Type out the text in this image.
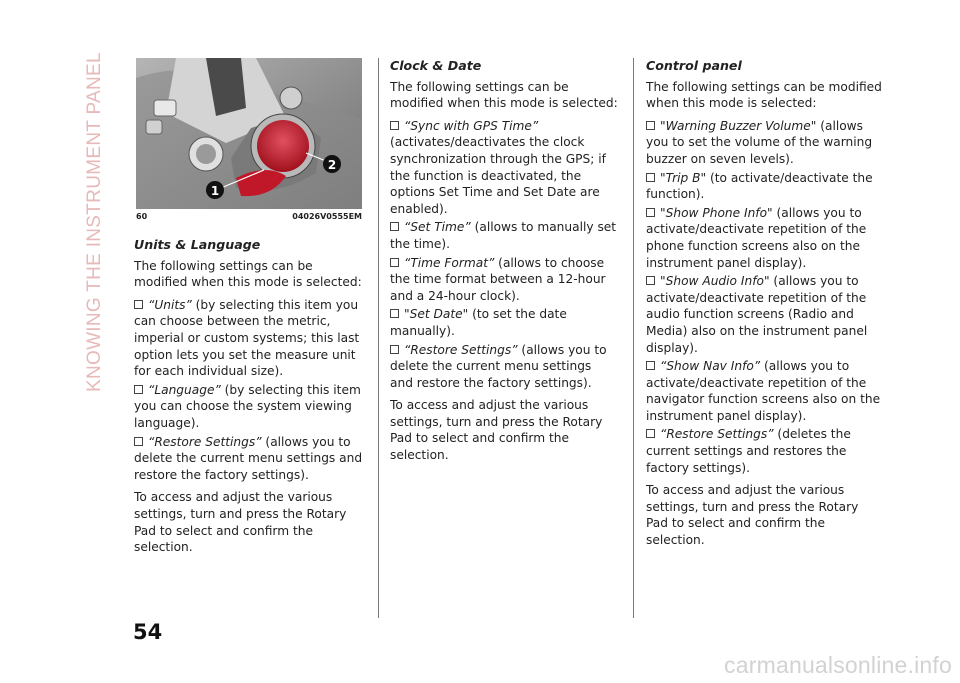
KNOWING THE INSTRUMENT PANEL	1
2
60	04026V0555EM
Units & Language

The following settings can be modified when this mode is selected:

“Units” (by selecting this item you can choose between the metric, imperial or custom systems; this last option lets you set the measure unit for each individual size).
“Language” (by selecting this item you can choose the system viewing language).
“Restore Settings” (allows you to delete the current menu settings and restore the factory settings).

To access and adjust the various settings, turn and press the Rotary Pad to select and confirm the selection.

Clock & Date

The following settings can be modified when this mode is selected:

“Sync with GPS Time” (activates/deactivates the clock synchronization through the GPS; if the function is deactivated, the options Set Time and Set Date are enabled).
“Set Time” (allows to manually set the time).
“Time Format” (allows to choose the time format between a 12-hour and a 24-hour clock).
"Set Date" (to set the date manually).
“Restore Settings” (allows you to delete the current menu settings and restore the factory settings).

To access and adjust the various settings, turn and press the Rotary Pad to select and confirm the selection.

Control panel

The following settings can be modified when this mode is selected:

"Warning Buzzer Volume" (allows you to set the volume of the warning buzzer on seven levels).
"Trip B" (to activate/deactivate the function).
"Show Phone Info" (allows you to activate/deactivate repetition of the phone function screens also on the instrument panel display).
"Show Audio Info" (allows you to activate/deactivate repetition of the audio function screens (Radio and Media) also on the instrument panel display).
“Show Nav Info” (allows you to activate/deactivate repetition of the navigator function screens also on the instrument panel display).
“Restore Settings” (deletes the current settings and restores the factory settings).

To access and adjust the various settings, turn and press the Rotary Pad to select and confirm the selection.

54
carmanualsonline.info
